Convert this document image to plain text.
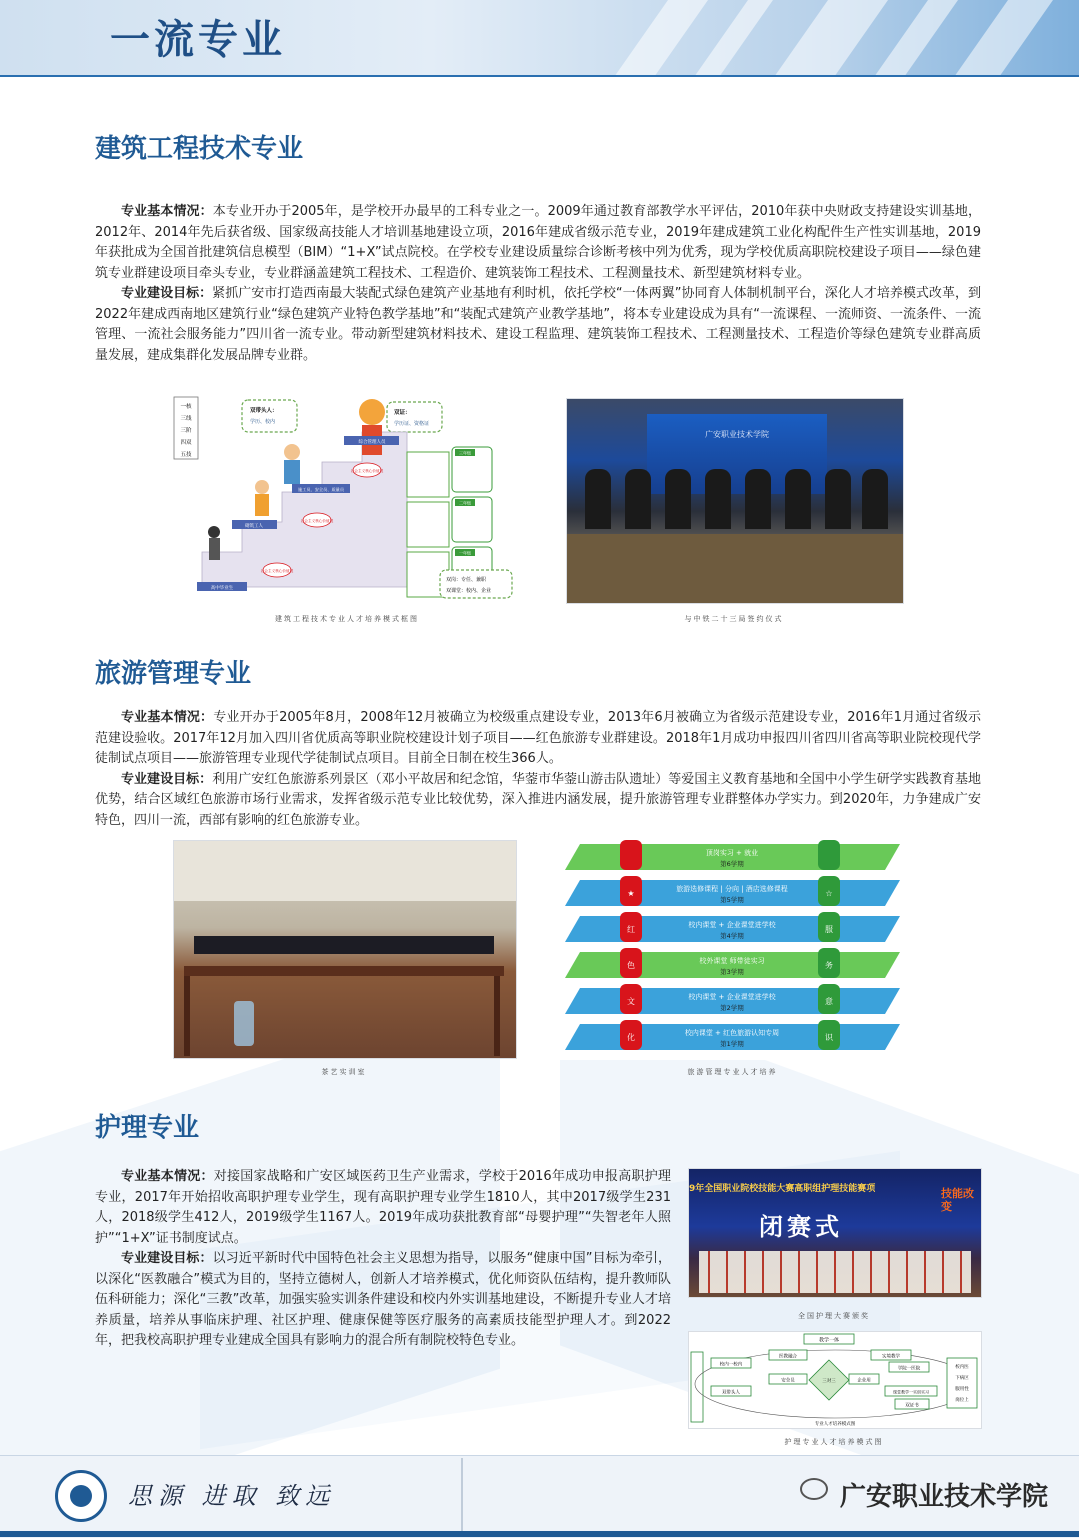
一流专业
建筑工程技术专业

专业基本情况：本专业开办于2005年，是学校开办最早的工科专业之一。2009年通过教育部教学水平评估，2010年获中央财政支持建设实训基地，2012年、2014年先后获省级、国家级高技能人才培训基地建设立项，2016年建成省级示范专业，2019年建成建筑工业化构配件生产性实训基地，2019年获批成为全国首批建筑信息模型（BIM）“1+X”试点院校。在学校专业建设质量综合诊断考核中列为优秀，现为学校优质高职院校建设子项目——绿色建筑专业群建设项目牵头专业，专业群涵盖建筑工程技术、工程造价、建筑装饰工程技术、工程测量技术、新型建筑材料专业。

专业建设目标：紧抓广安市打造西南最大装配式绿色建筑产业基地有利时机，依托学校“一体两翼”协同育人体制机制平台，深化人才培养模式改革，到2022年建成西南地区建筑行业“绿色建筑产业特色教学基地”和“装配式建筑产业教学基地”，将本专业建设成为具有“一流课程、一流师资、一流条件、一流管理、一流社会服务能力”四川省一流专业。带动新型建筑材料技术、建设工程监理、建筑装饰工程技术、工程测量技术、工程造价等绿色建筑专业群高质量发展，建成集群化发展品牌专业群。

一核
三线
三阶
四双
五技
双带头人：
学历、校内
双证：
学历证、资格证
综合管理人员
施工员、安全员、质量员
砌筑工人
高中毕业生
社会主义核心价值观
社会主义核心价值观
社会主义核心价值观
三年级
二年级
一年级
双岗：专任、兼职
双课堂：校内、企业
建筑工程技术专业人才培养模式框图
广安职业技术学院
与中铁二十三局签约仪式
旅游管理专业

专业基本情况：专业开办于2005年8月，2008年12月被确立为校级重点建设专业，2013年6月被确立为省级示范建设专业，2016年1月通过省级示范建设验收。2017年12月加入四川省优质高等职业院校建设计划子项目——红色旅游专业群建设。2018年1月成功申报四川省四川省高等职业院校现代学徒制试点项目——旅游管理专业现代学徒制试点项目。目前全日制在校生366人。

专业建设目标：利用广安红色旅游系列景区（邓小平故居和纪念馆，华蓥市华蓥山游击队遗址）等爱国主义教育基地和全国中小学生研学实践教育基地优势，结合区域红色旅游市场行业需求，发挥省级示范专业比较优势，深入推进内涵发展，提升旅游管理专业群整体办学实力。到2020年，力争建成广安特色，四川一流，西部有影响的红色旅游专业。

茶艺实训室
顶岗实习 + 就业
第6学期
旅游选修课程 | 分向 | 酒店选修课程
第5学期
★	☆
校内课堂 + 企业课堂进学校
第4学期
红	服
校外课堂 师带徒实习
第3学期
色	务
校内课堂 + 企业课堂进学校
第2学期
文	意
校内课堂 + 红色旅游认知专周
第1学期
化	识
旅游管理专业人才培养
护理专业

专业基本情况：对接国家战略和广安区域医药卫生产业需求，学校于2016年成功申报高职护理专业，2017年开始招收高职护理专业学生，现有高职护理专业学生1810人，其中2017级学生231人，2018级学生412人，2019级学生1167人。2019年成功获批教育部“母婴护理”“失智老年人照护”“1+X”证书制度试点。

专业建设目标：以习近平新时代中国特色社会主义思想为指导，以服务“健康中国”目标为牵引，以深化“医教融合”模式为目的，坚持立德树人，创新人才培养模式，优化师资队伍结构，提升教师队伍科研能力；深化“三教”改革，加强实验实训条件建设和校内外实训基地建设，不断提升专业人才培养质量，培养从事临床护理、社区护理、健康保健等医疗服务的高素质技能型护理人才。到2022年，把我校高职护理专业建成全国具有影响力的混合所有制院校特色专业。

9年全国职业院校技能大赛高职组护理技能赛项
闭赛式
技能改变
全国护理大赛颁奖
教学一体
校内一校内
双带头人
医教融合
安全员	企业用
三对三
实境教学
学院一医院
课堂教学一实训实习
双证书
校内医
下病区
服用性
岗位上
专业人才培养模式图
护理专业人才培养模式图
思源 进取 致远	广安职业技术学院
